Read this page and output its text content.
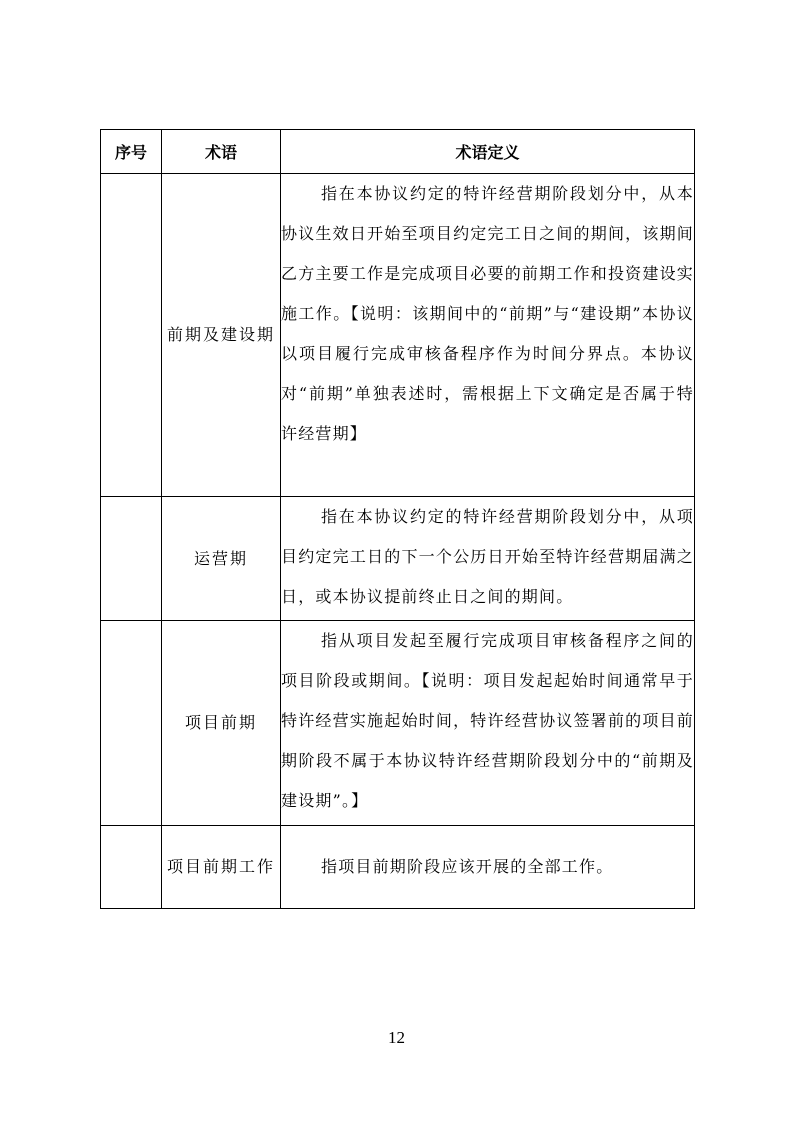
序号	术语	术语定义
	前期及建设期	指在本协议约定的特许经营期阶段划分中，从本协议生效日开始至项目约定完工日之间的期间，该期间乙方主要工作是完成项目必要的前期工作和投资建设实施工作。【说明：该期间中的“前期”与“建设期”本协议以项目履行完成审核备程序作为时间分界点。本协议对“前期”单独表述时，需根据上下文确定是否属于特许经营期】

	运营期	指在本协议约定的特许经营期阶段划分中，从项目约定完工日的下一个公历日开始至特许经营期届满之日，或本协议提前终止日之间的期间。

	项目前期	指从项目发起至履行完成项目审核备程序之间的项目阶段或期间。【说明：项目发起起始时间通常早于特许经营实施起始时间，特许经营协议签署前的项目前期阶段不属于本协议特许经营期阶段划分中的“前期及建设期”。】

	项目前期工作	指项目前期阶段应该开展的全部工作。

12
